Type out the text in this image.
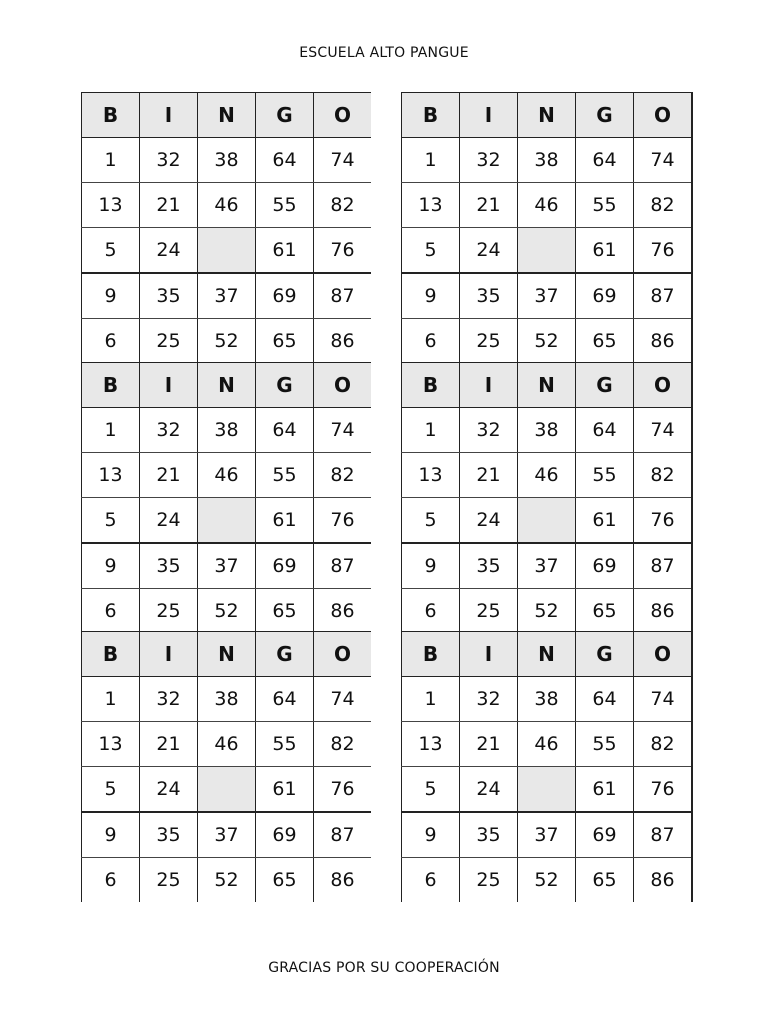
ESCUELA ALTO PANGUE
B	I	N	G	O
1	32	38	64	74
13	21	46	55	82
5	24		61	76
9	35	37	69	87
6	25	52	65	86
B	I	N	G	O
1	32	38	64	74
13	21	46	55	82
5	24		61	76
9	35	37	69	87
6	25	52	65	86
B	I	N	G	O
1	32	38	64	74
13	21	46	55	82
5	24		61	76
9	35	37	69	87
6	25	52	65	86
B	I	N	G	O
1	32	38	64	74
13	21	46	55	82
5	24		61	76
9	35	37	69	87
6	25	52	65	86
B	I	N	G	O
1	32	38	64	74
13	21	46	55	82
5	24		61	76
9	35	37	69	87
6	25	52	65	86
B	I	N	G	O
1	32	38	64	74
13	21	46	55	82
5	24		61	76
9	35	37	69	87
6	25	52	65	86
GRACIAS POR SU COOPERACIÓN
